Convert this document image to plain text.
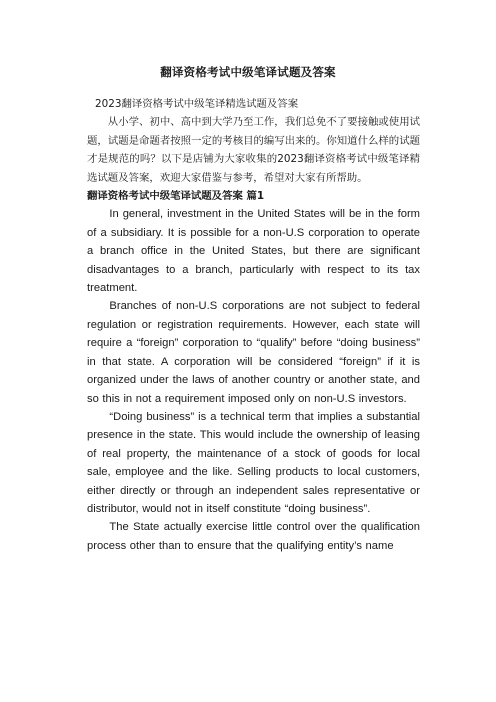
翻译资格考试中级笔译试题及答案

2023翻译资格考试中级笔译精选试题及答案

从小学、初中、高中到大学乃至工作，我们总免不了要接触或使用试题，试题是命题者按照一定的考核目的编写出来的。你知道什么样的试题才是规范的吗？以下是店铺为大家收集的2023翻译资格考试中级笔译精选试题及答案，欢迎大家借鉴与参考，希望对大家有所帮助。

翻译资格考试中级笔译试题及答案 篇1

In general, investment in the United States will be in the form of a subsidiary. It is possible for a non-U.S corporation to operate a branch office in the United States, but there are significant disadvantages to a branch, particularly with respect to its tax treatment.

Branches of non-U.S corporations are not subject to federal regulation or registration requirements. However, each state will require a “foreign” corporation to “qualify” before “doing business” in that state. A corporation will be considered “foreign” if it is organized under the laws of another country or another state, and so this in not a requirement imposed only on non-U.S investors.

“Doing business” is a technical term that implies a substantial presence in the state. This would include the ownership of leasing of real property, the maintenance of a stock of goods for local sale, employee and the like. Selling products to local customers, either directly or through an independent sales representative or distributor, would not in itself constitute “doing business”.

The State actually exercise little control over the qualification process other than to ensure that the qualifying entity’s name
